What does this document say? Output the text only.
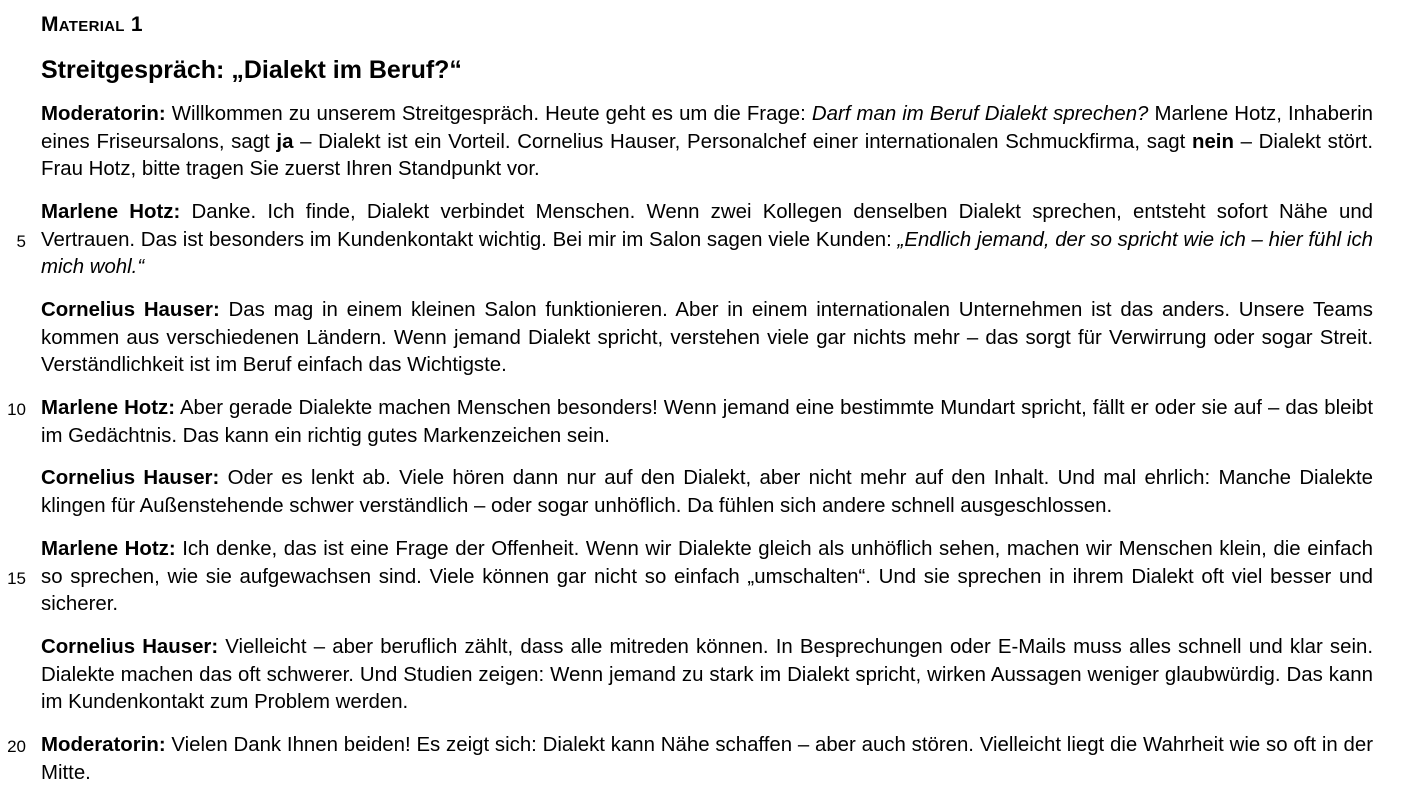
Material 1
Streitgespräch: „Dialekt im Beruf?“

Moderatorin: Willkommen zu unserem Streitgespräch. Heute geht es um die Frage: Darf man im Beruf Dialekt sprechen? Marlene Hotz, Inhaberin eines Friseursalons, sagt ja – Dialekt ist ein Vorteil. Cornelius Hauser, Personalchef einer internationalen Schmuckfirma, sagt nein – Dialekt stört. Frau Hotz, bitte tragen Sie zuerst Ihren Standpunkt vor.

Marlene Hotz: Danke. Ich finde, Dialekt verbindet Menschen. Wenn zwei Kollegen denselben Dialekt sprechen, entsteht sofort Nähe und Vertrauen. Das ist besonders im Kundenkontakt wichtig. Bei mir im Salon sagen viele Kunden: „Endlich jemand, der so spricht wie ich – hier fühl ich mich wohl.“

5

Cornelius Hauser: Das mag in einem kleinen Salon funktionieren. Aber in einem internationalen Unternehmen ist das anders. Unsere Teams kommen aus verschiedenen Ländern. Wenn jemand Dialekt spricht, verstehen viele gar nichts mehr – das sorgt für Verwirrung oder sogar Streit. Verständlichkeit ist im Beruf einfach das Wichtigste.

Marlene Hotz: Aber gerade Dialekte machen Menschen besonders! Wenn jemand eine bestimmte Mundart spricht, fällt er oder sie auf – das bleibt im Gedächtnis. Das kann ein richtig gutes Markenzeichen sein.

10

Cornelius Hauser: Oder es lenkt ab. Viele hören dann nur auf den Dialekt, aber nicht mehr auf den Inhalt. Und mal ehrlich: Manche Dialekte klingen für Außenstehende schwer verständlich – oder sogar unhöflich. Da fühlen sich andere schnell ausgeschlossen.

Marlene Hotz: Ich denke, das ist eine Frage der Offenheit. Wenn wir Dialekte gleich als unhöflich sehen, machen wir Menschen klein, die einfach so sprechen, wie sie aufgewachsen sind. Viele können gar nicht so einfach „umschalten“. Und sie sprechen in ihrem Dialekt oft viel besser und sicherer.

15

Cornelius Hauser: Vielleicht – aber beruflich zählt, dass alle mitreden können. In Besprechungen oder E-Mails muss alles schnell und klar sein. Dialekte machen das oft schwerer. Und Studien zeigen: Wenn jemand zu stark im Dialekt spricht, wirken Aussagen weniger glaubwürdig. Das kann im Kundenkontakt zum Problem werden.

Moderatorin: Vielen Dank Ihnen beiden! Es zeigt sich: Dialekt kann Nähe schaffen – aber auch stören. Vielleicht liegt die Wahrheit wie so oft in der Mitte.

20
